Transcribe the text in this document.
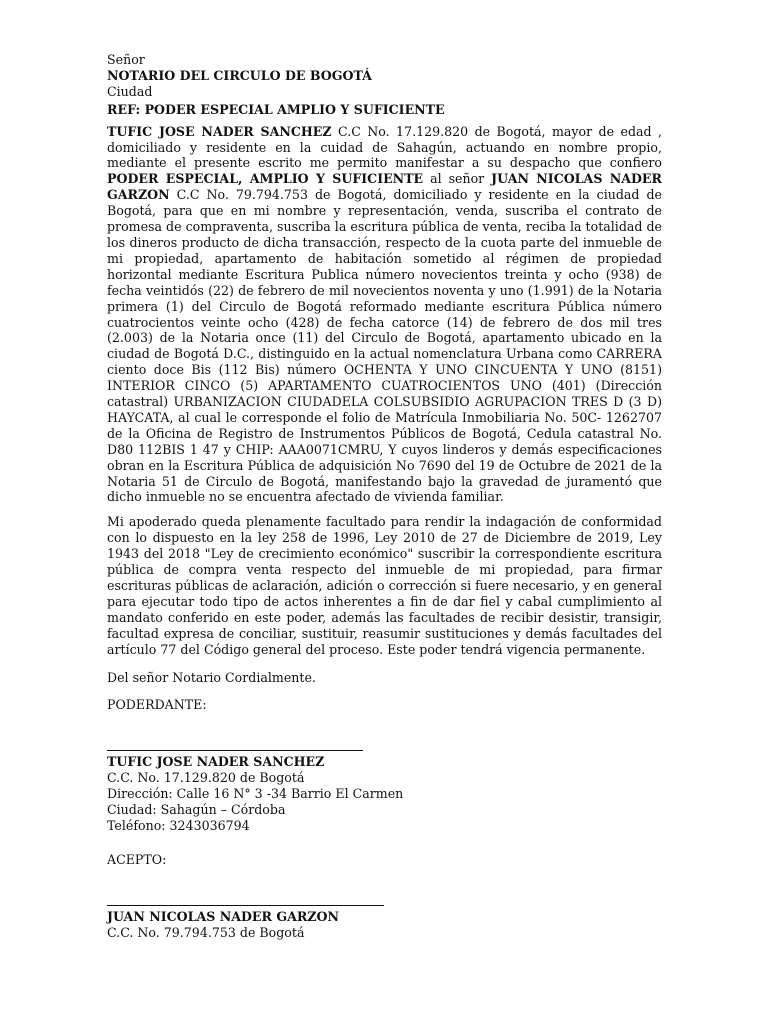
Señor
NOTARIO DEL CIRCULO DE BOGOTÁ
Ciudad
REF: PODER ESPECIAL AMPLIO Y SUFICIENTE

TUFIC JOSE NADER SANCHEZ C.C No. 17.129.820 de Bogotá, mayor de edad , domiciliado y residente en la cuidad de Sahagún, actuando en nombre propio, mediante el presente escrito me permito manifestar a su despacho que confiero PODER ESPECIAL, AMPLIO Y SUFICIENTE al señor JUAN NICOLAS NADER GARZON C.C No. 79.794.753 de Bogotá, domiciliado y residente en la ciudad de Bogotá, para que en mi nombre y representación, venda, suscriba el contrato de promesa de compraventa, suscriba la escritura pública de venta, reciba la totalidad de los dineros producto de dicha transacción, respecto de la cuota parte del inmueble de mi propiedad, apartamento de habitación sometido al régimen de propiedad horizontal mediante Escritura Publica número novecientos treinta y ocho (938) de fecha veintidós (22) de febrero de mil novecientos noventa y uno (1.991) de la Notaria primera (1) del Circulo de Bogotá reformado mediante escritura Pública número cuatrocientos veinte ocho (428) de fecha catorce (14) de febrero de dos mil tres (2.003) de la Notaria once (11) del Circulo de Bogotá, apartamento ubicado en la ciudad de Bogotá D.C., distinguido en la actual nomenclatura Urbana como CARRERA ciento doce Bis (112 Bis) número OCHENTA Y UNO CINCUENTA Y UNO (8151) INTERIOR CINCO (5) APARTAMENTO CUATROCIENTOS UNO (401) (Dirección catastral) URBANIZACION CIUDADELA COLSUBSIDIO AGRUPACION TRES D (3 D) HAYCATA, al cual le corresponde el folio de Matrícula Inmobiliaria No. 50C- 1262707 de la Oficina de Registro de Instrumentos Públicos de Bogotá, Cedula catastral No. D80 112BIS 1 47 y CHIP: AAA0071CMRU, Y cuyos linderos y demás especificaciones obran en la Escritura Pública de adquisición No 7690 del 19 de Octubre de 2021 de la Notaria 51 de Circulo de Bogotá, manifestando bajo la gravedad de juramentó que dicho inmueble no se encuentra afectado de vivienda familiar.

Mi apoderado queda plenamente facultado para rendir la indagación de conformidad con lo dispuesto en la ley 258 de 1996, Ley 2010 de 27 de Diciembre de 2019, Ley 1943 del 2018 "Ley de crecimiento económico" suscribir la correspondiente escritura pública de compra venta respecto del inmueble de mi propiedad, para firmar escrituras públicas de aclaración, adición o corrección si fuere necesario, y en general para ejecutar todo tipo de actos inherentes a fin de dar fiel y cabal cumplimiento al mandato conferido en este poder, además las facultades de recibir desistir, transigir, facultad expresa de conciliar, sustituir, reasumir sustituciones y demás facultades del artículo 77 del Código general del proceso. Este poder tendrá vigencia permanente.

Del señor Notario Cordialmente.
PODERDANTE:
TUFIC JOSE NADER SANCHEZ
C.C. No. 17.129.820 de Bogotá
Dirección: Calle 16 N° 3 -34 Barrio El Carmen
Ciudad: Sahagún – Córdoba
Teléfono: 3243036794
ACEPTO:
JUAN NICOLAS NADER GARZON
C.C. No. 79.794.753 de Bogotá
